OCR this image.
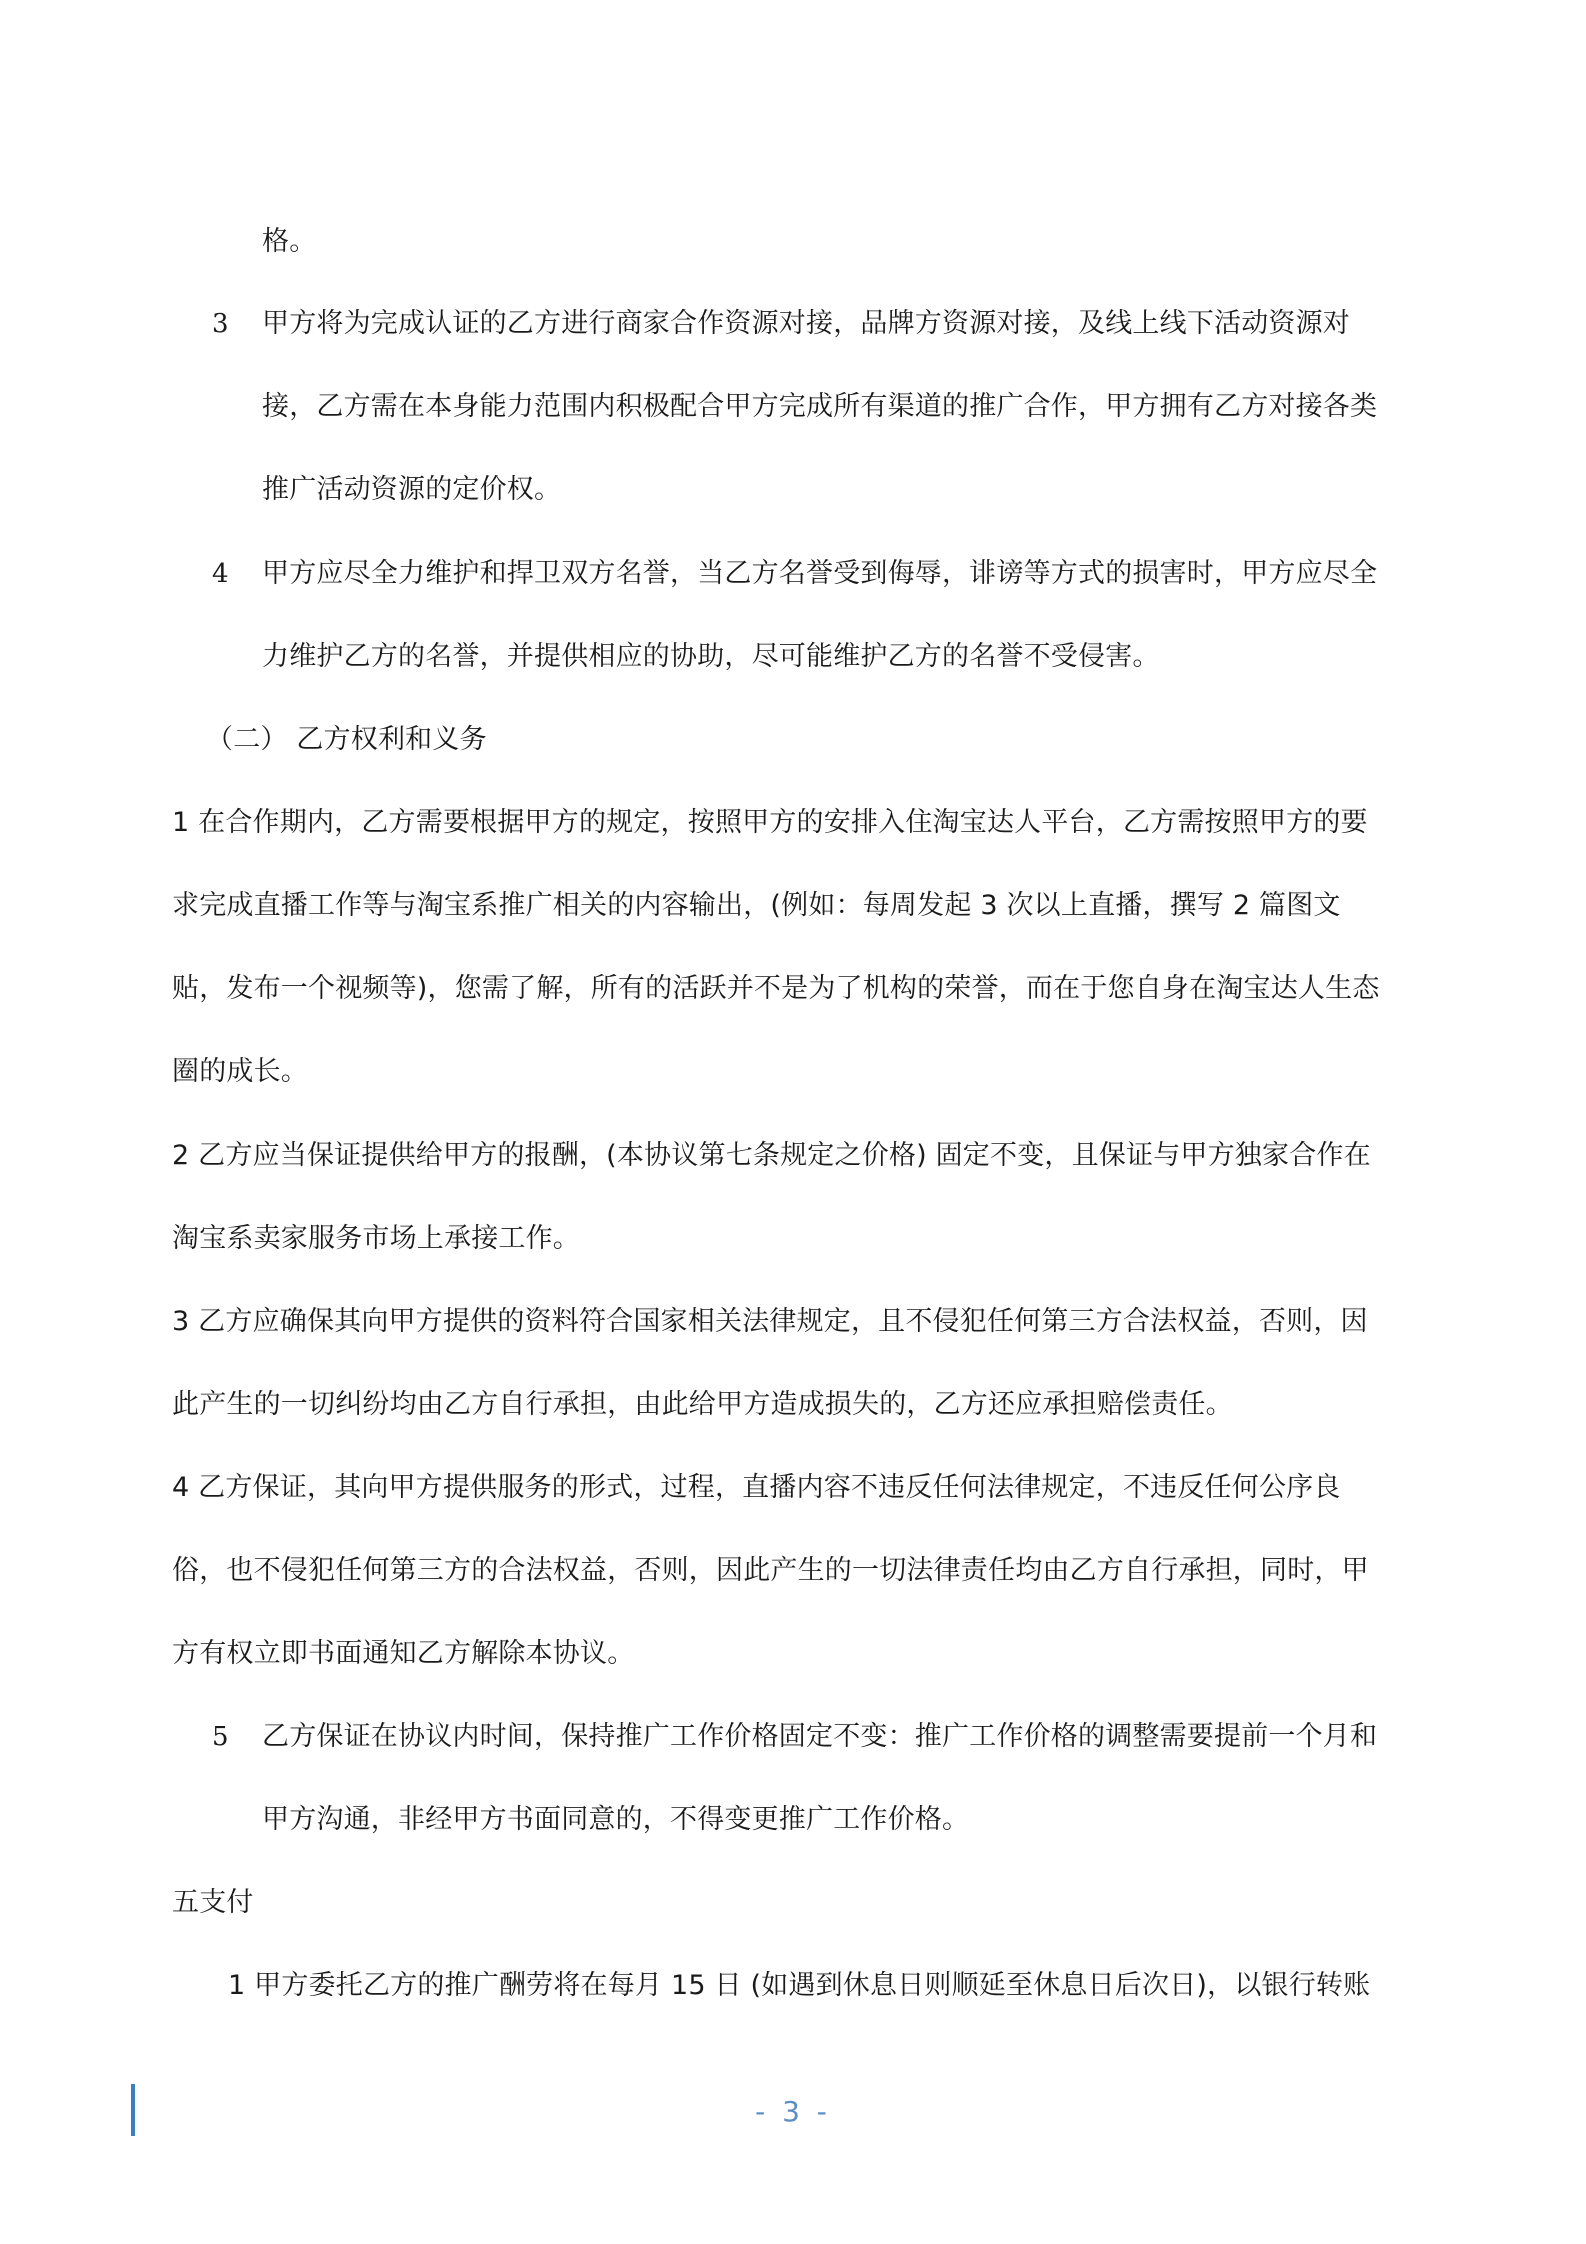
格。
3 甲方将为完成认证的乙方进行商家合作资源对接，品牌方资源对接，及线上线下活动资源对
接，乙方需在本身能力范围内积极配合甲方完成所有渠道的推广合作，甲方拥有乙方对接各类
推广活动资源的定价权。
4 甲方应尽全力维护和捍卫双方名誉，当乙方名誉受到侮辱，诽谤等方式的损害时，甲方应尽全
力维护乙方的名誉，并提供相应的协助，尽可能维护乙方的名誉不受侵害。
（二） 乙方权利和义务
1 在合作期内，乙方需要根据甲方的规定，按照甲方的安排入住淘宝达人平台，乙方需按照甲方的要
求完成直播工作等与淘宝系推广相关的内容输出，(例如：每周发起 3 次以上直播，撰写 2 篇图文
贴，发布一个视频等)，您需了解，所有的活跃并不是为了机构的荣誉，而在于您自身在淘宝达人生态
圈的成长。
2 乙方应当保证提供给甲方的报酬，(本协议第七条规定之价格) 固定不变，且保证与甲方独家合作在
淘宝系卖家服务市场上承接工作。
3 乙方应确保其向甲方提供的资料符合国家相关法律规定，且不侵犯任何第三方合法权益，否则，因
此产生的一切纠纷均由乙方自行承担，由此给甲方造成损失的，乙方还应承担赔偿责任。
4 乙方保证，其向甲方提供服务的形式，过程，直播内容不违反任何法律规定，不违反任何公序良
俗，也不侵犯任何第三方的合法权益，否则，因此产生的一切法律责任均由乙方自行承担，同时，甲
方有权立即书面通知乙方解除本协议。
5 乙方保证在协议内时间，保持推广工作价格固定不变：推广工作价格的调整需要提前一个月和
甲方沟通，非经甲方书面同意的，不得变更推广工作价格。
五支付
1 甲方委托乙方的推广酬劳将在每月 15 日 (如遇到休息日则顺延至休息日后次日)，以银行转账
- 3 -
